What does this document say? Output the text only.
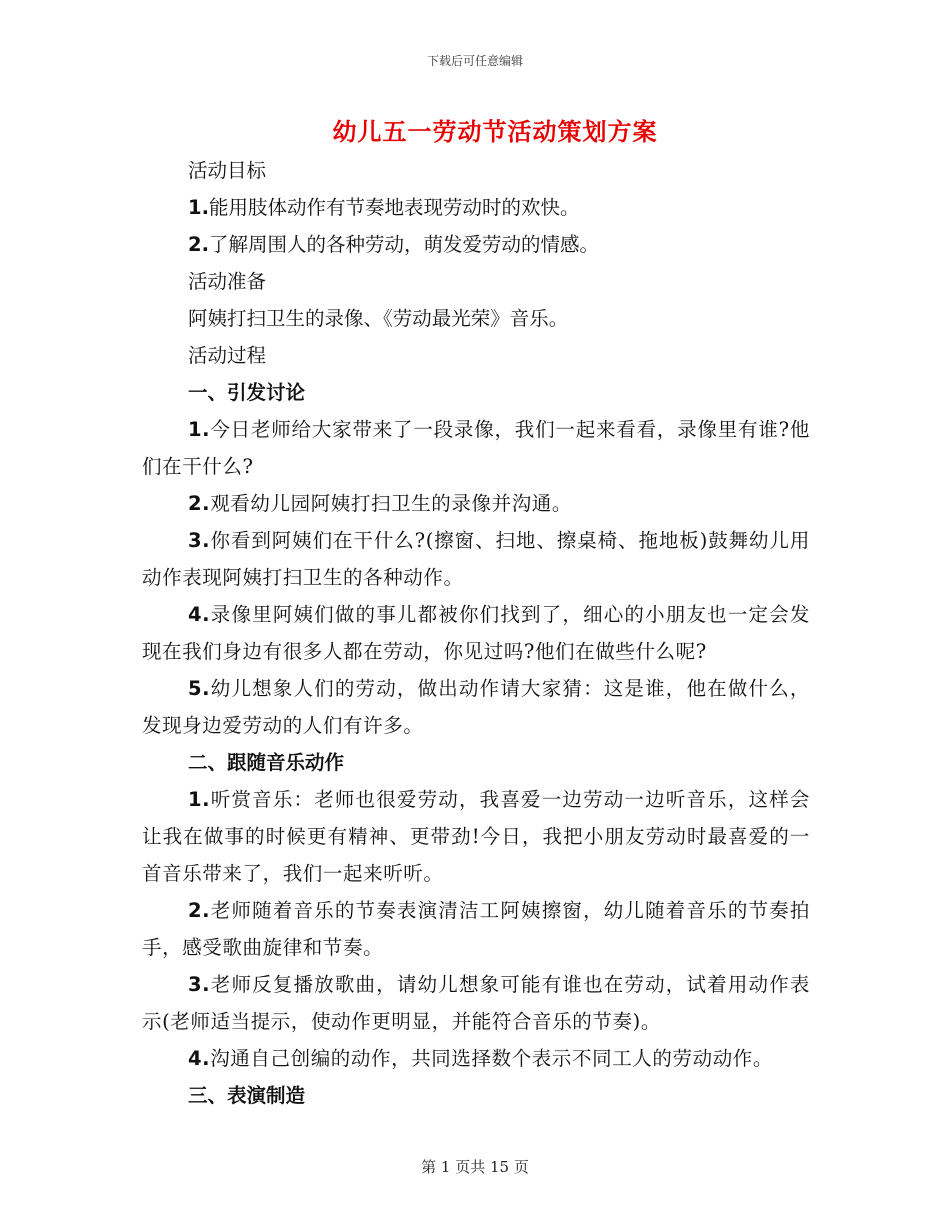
下载后可任意编辑
幼儿五一劳动节活动策划方案
活动目标
1.能用肢体动作有节奏地表现劳动时的欢快。
2.了解周围人的各种劳动，萌发爱劳动的情感。
活动准备
阿姨打扫卫生的录像、《劳动最光荣》音乐。
活动过程
一、引发讨论
1.今日老师给大家带来了一段录像，我们一起来看看，录像里有谁?他们在干什么?
2.观看幼儿园阿姨打扫卫生的录像并沟通。
3.你看到阿姨们在干什么?(擦窗、扫地、擦桌椅、拖地板)鼓舞幼儿用动作表现阿姨打扫卫生的各种动作。
4.录像里阿姨们做的事儿都被你们找到了，细心的小朋友也一定会发现在我们身边有很多人都在劳动，你见过吗?他们在做些什么呢?
5.幼儿想象人们的劳动，做出动作请大家猜：这是谁，他在做什么，发现身边爱劳动的人们有许多。
二、跟随音乐动作
1.听赏音乐：老师也很爱劳动，我喜爱一边劳动一边听音乐，这样会让我在做事的时候更有精神、更带劲!今日，我把小朋友劳动时最喜爱的一首音乐带来了，我们一起来听听。
2.老师随着音乐的节奏表演清洁工阿姨擦窗，幼儿随着音乐的节奏拍手，感受歌曲旋律和节奏。
3.老师反复播放歌曲，请幼儿想象可能有谁也在劳动，试着用动作表示(老师适当提示，使动作更明显，并能符合音乐的节奏)。
4.沟通自己创编的动作，共同选择数个表示不同工人的劳动动作。
三、表演制造
第 1 页共 15 页
